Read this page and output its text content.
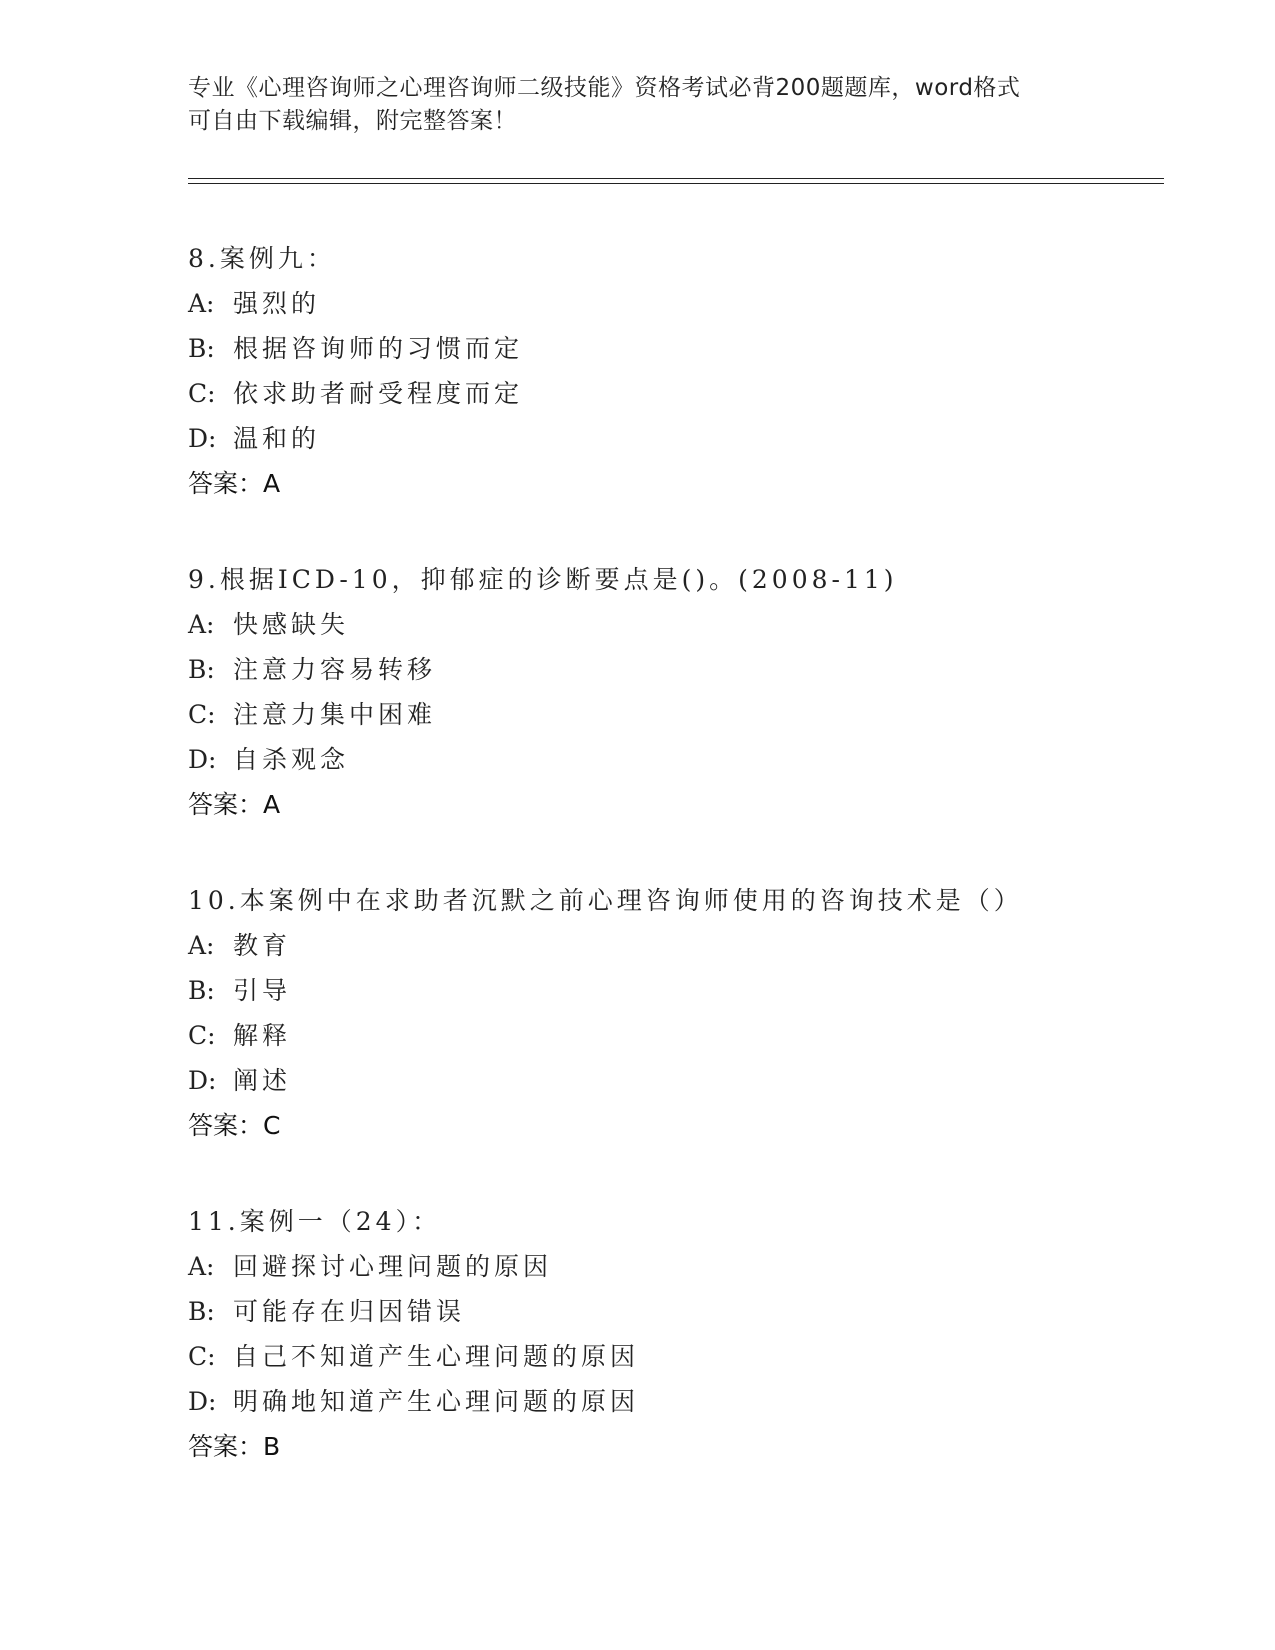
专业《心理咨询师之心理咨询师二级技能》资格考试必背200题题库，word格式
可自由下载编辑，附完整答案！
8.案例九：
A: 强烈的
B: 根据咨询师的习惯而定
C: 依求助者耐受程度而定
D: 温和的
答案：A
9.根据ICD-10，抑郁症的诊断要点是()。(2008-11)
A: 快感缺失
B: 注意力容易转移
C: 注意力集中困难
D: 自杀观念
答案：A
10.本案例中在求助者沉默之前心理咨询师使用的咨询技术是（）
A: 教育
B: 引导
C: 解释
D: 阐述
答案：C
11.案例一（24）：
A: 回避探讨心理问题的原因
B: 可能存在归因错误
C: 自己不知道产生心理问题的原因
D: 明确地知道产生心理问题的原因
答案：B
